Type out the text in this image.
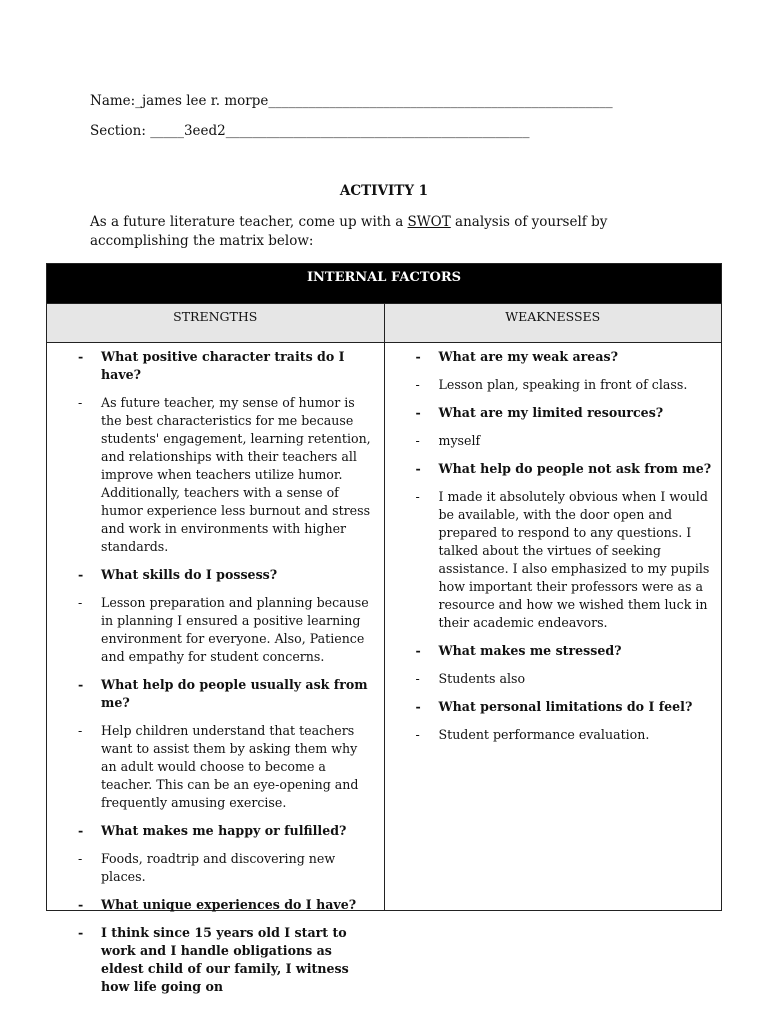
Name:_james lee r. morpe___________________________________________________
Section: _____3eed2_____________________________________________
ACTIVITY 1
As a future literature teacher, come up with a SWOT analysis of yourself by accomplishing the matrix below:
INTERNAL FACTORS
STRENGTHS	WEAKNESSES
- What positive character traits do I have?
- As future teacher, my sense of humor is the best characteristics for me because students' engagement, learning retention, and relationships with their teachers all improve when teachers utilize humor. Additionally, teachers with a sense of humor experience less burnout and stress and work in environments with higher standards.
- What skills do I possess?
- Lesson preparation and planning because in planning I ensured a positive learning environment for everyone. Also, Patience and empathy for student concerns.
- What help do people usually ask from me?
- Help children understand that teachers want to assist them by asking them why an adult would choose to become a teacher. This can be an eye-opening and frequently amusing exercise.
- What makes me happy or fulfilled?
- Foods, roadtrip and discovering new places.
- What unique experiences do I have?
- I think since 15 years old I start to work and I handle obligations as eldest child of our family, I witness how life going on
- What are my weak areas?
- Lesson plan, speaking in front of class.
- What are my limited resources?
- myself
- What help do people not ask from me?
- I made it absolutely obvious when I would be available, with the door open and prepared to respond to any questions. I talked about the virtues of seeking assistance. I also emphasized to my pupils how important their professors were as a resource and how we wished them luck in their academic endeavors.
- What makes me stressed?
- Students also
- What personal limitations do I feel?
- Student performance evaluation.
